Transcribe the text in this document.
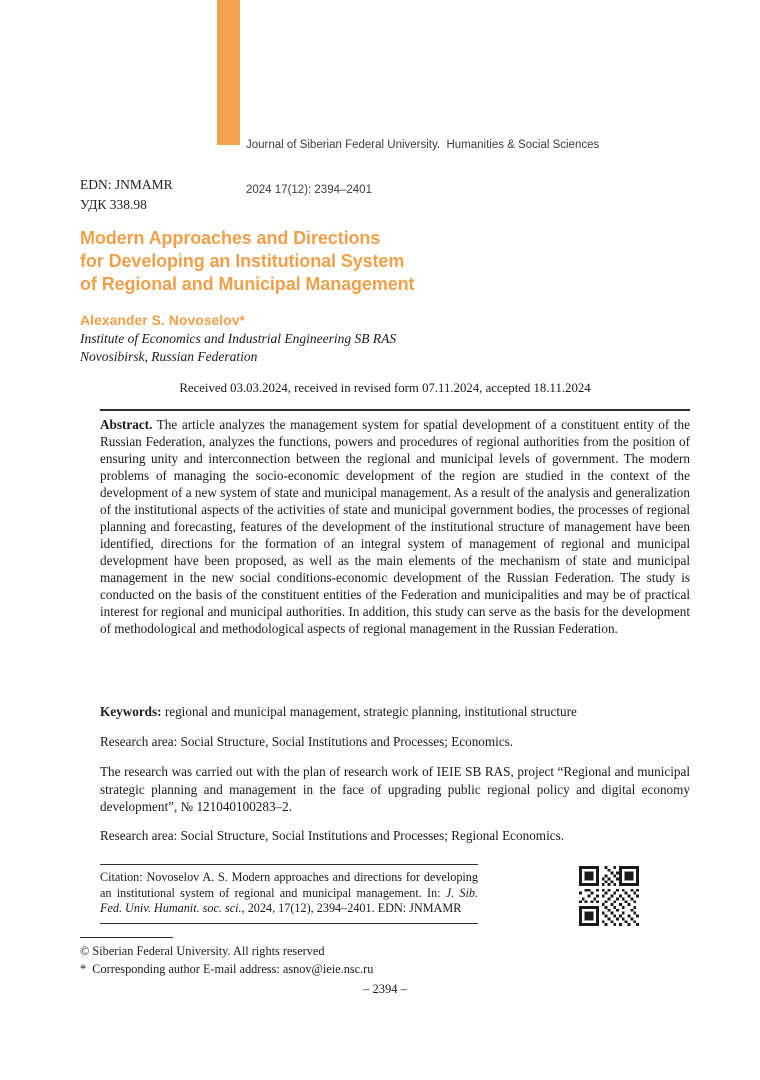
Journal of Siberian Federal University.  Humanities & Social Sciences

2024 17(12): 2394–2401

EDN: JNMAMR
УДК 338.98
Modern Approaches and Directions
for Developing an Institutional System
of Regional and Municipal Management
Alexander S. Novoselov*
Institute of Economics and Industrial Engineering SB RAS
Novosibirsk, Russian Federation
Received 03.03.2024, received in revised form 07.11.2024, accepted 18.11.2024
Abstract. The article analyzes the management system for spatial development of a constituent entity of the Russian Federation, analyzes the functions, powers and procedures of regional authorities from the position of ensuring unity and interconnection between the regional and municipal levels of government. The modern problems of managing the socio-economic development of the region are studied in the context of the development of a new system of state and municipal management. As a result of the analysis and generalization of the institutional aspects of the activities of state and municipal government bodies, the processes of regional planning and forecasting, features of the development of the institutional structure of management have been identified, directions for the formation of an integral system of management of regional and municipal development have been proposed, as well as the main elements of the mechanism of state and municipal management in the new social conditions-economic development of the Russian Federation. The study is conducted on the basis of the constituent entities of the Federation and municipalities and may be of practical interest for regional and municipal authorities. In addition, this study can serve as the basis for the development of methodological and methodological aspects of regional management in the Russian Federation.
Keywords: regional and municipal management, strategic planning, institutional structure
Research area: Social Structure, Social Institutions and Processes; Economics.
The research was carried out with the plan of research work of IEIE SB RAS, project “Regional and municipal strategic planning and management in the face of upgrading public regional policy and digital economy development”, № 121040100283–2.
Research area: Social Structure, Social Institutions and Processes; Regional Economics.
Citation: Novoselov A. S. Modern approaches and directions for developing an institutional system of regional and municipal management. In: J. Sib. Fed. Univ. Humanit. soc. sci., 2024, 17(12), 2394–2401. EDN: JNMAMR
© Siberian Federal University. All rights reserved
*  Corresponding author E-mail address: asnov@ieie.nsc.ru
– 2394 –
